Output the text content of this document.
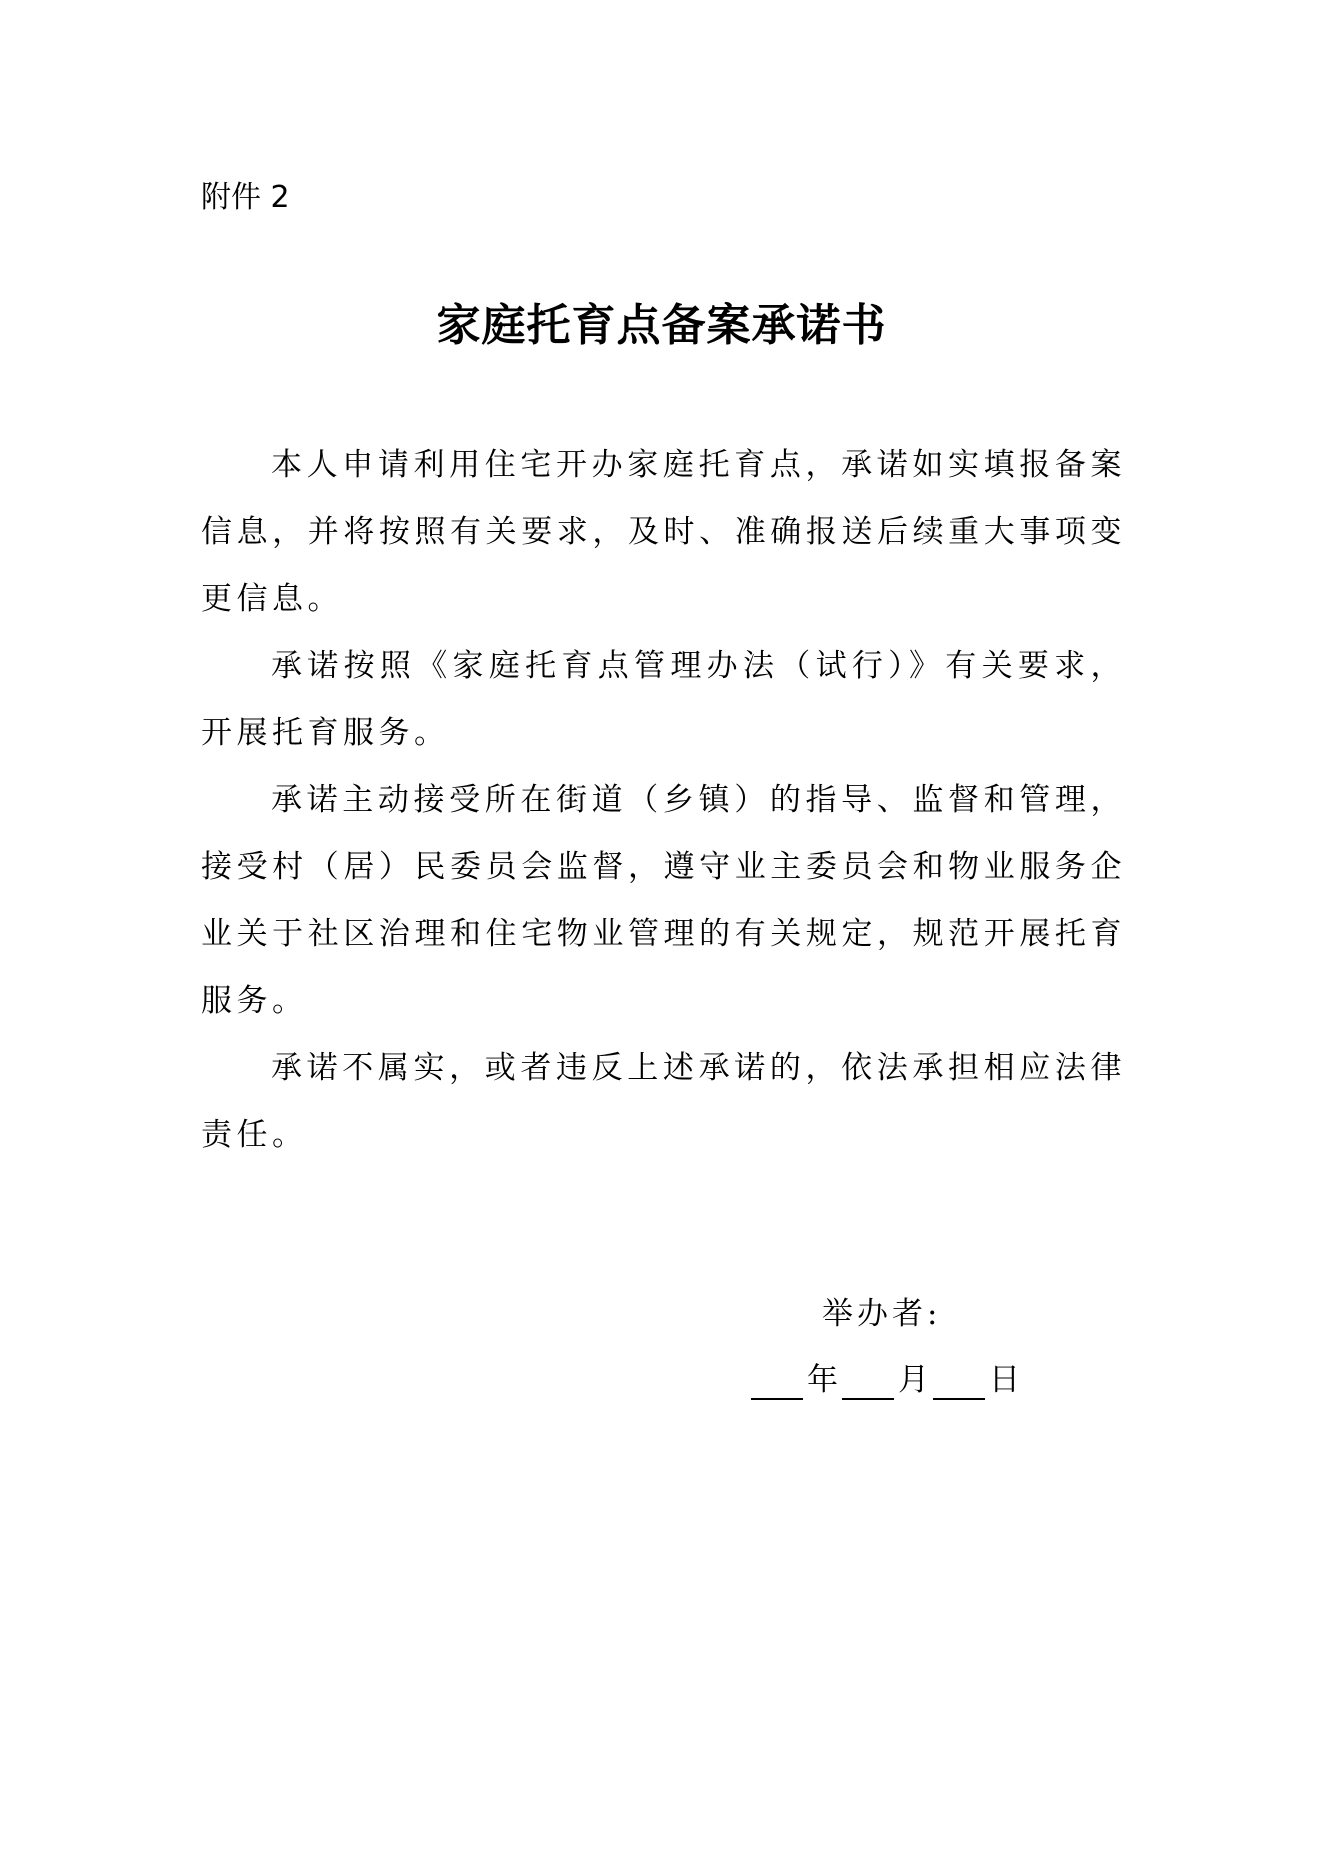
附件 2
家庭托育点备案承诺书

本人申请利用住宅开办家庭托育点，承诺如实填报备案信息，并将按照有关要求，及时、准确报送后续重大事项变更信息。

承诺按照《家庭托育点管理办法（试行）》有关要求，开展托育服务。

承诺主动接受所在街道（乡镇）的指导、监督和管理，接受村（居）民委员会监督，遵守业主委员会和物业服务企业关于社区治理和住宅物业管理的有关规定，规范开展托育服务。

承诺不属实，或者违反上述承诺的，依法承担相应法律责任。

举办者:
年 月 日
